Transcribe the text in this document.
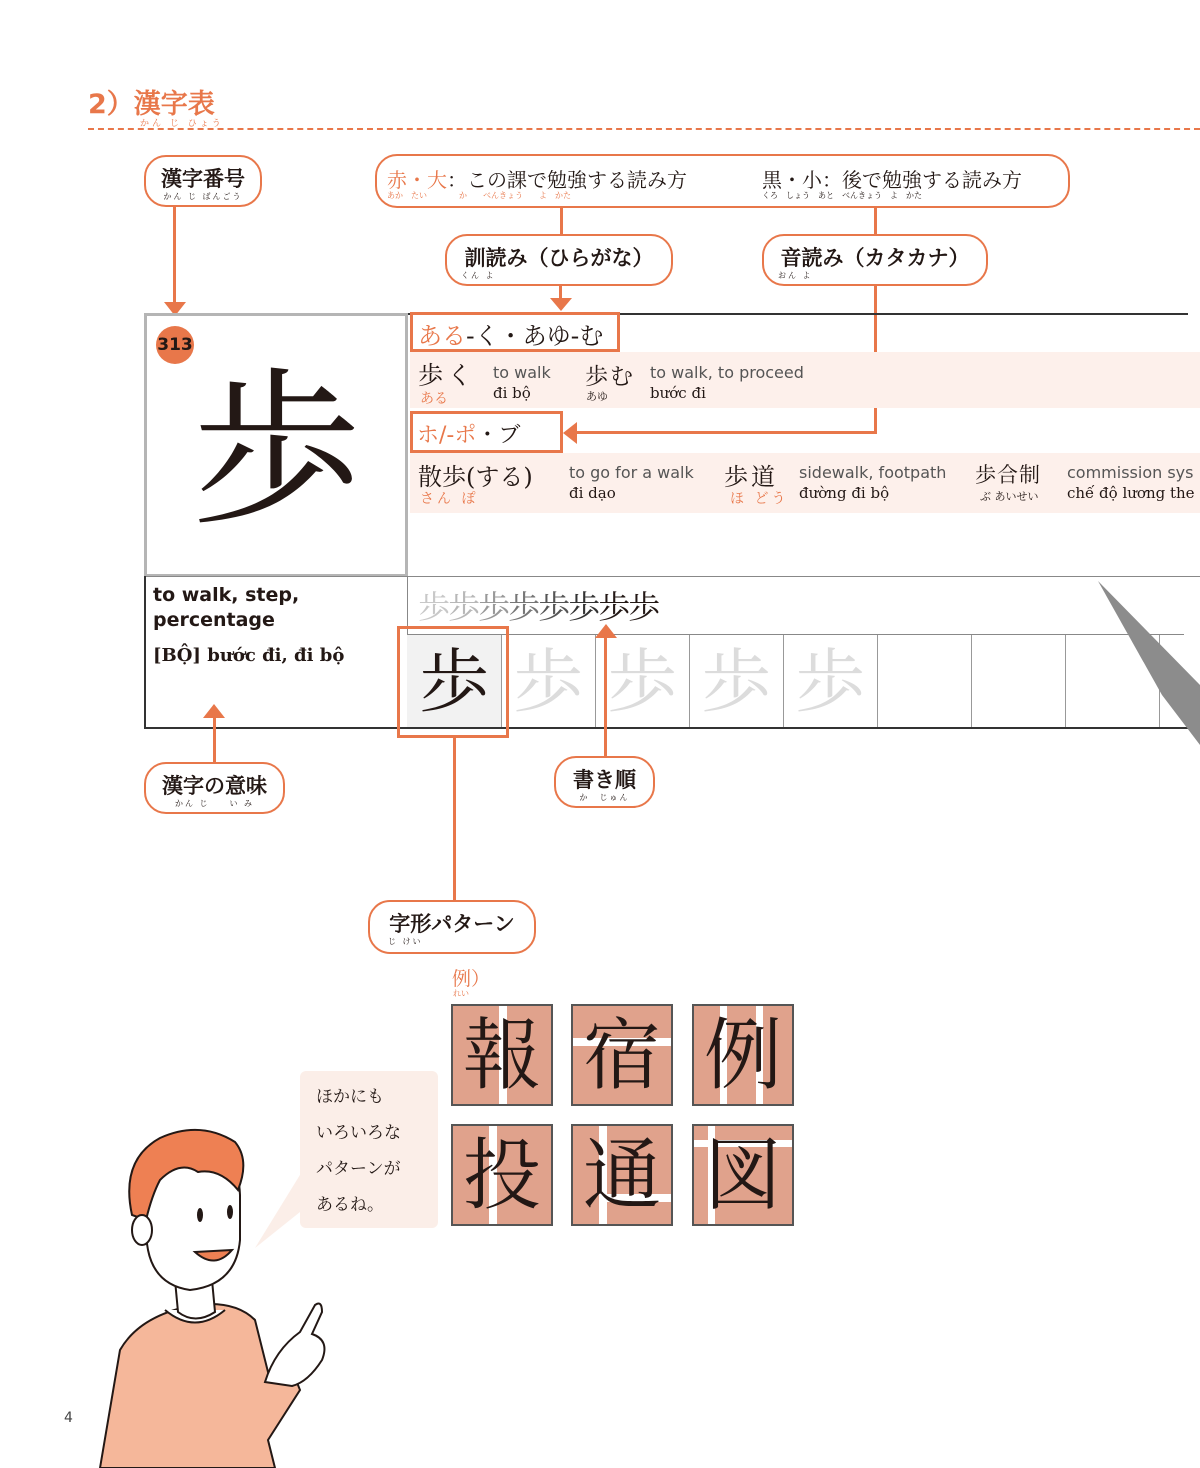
2）漢字表
かん じ ひょう
漢字番号
かん じ ばんごう
赤・大：この課で勉強する読み方	黒・小：後で勉強する読み方
あか　たい　　　　か　　べんきょう　　よ　かた	くろ　しょう　あと　べんきょう　よ　かた
訓読み（ひらがな）
くん よ
音読み（カタカナ）
おん よ
313
歩
ある-く・あゆ-む
歩く
ある
to walk
đi bộ
歩む
あゆ
to walk, to proceed
bước đi
ホ/-ポ・ブ
散歩(する)
さん ぽ
to go for a walk
đi dạo
歩道
ほ どう
sidewalk, footpath
đường đi bộ
歩合制
ぶ あいせい
commission sys
chế độ lương the
to walk, step, percentage
[BỘ] bước đi, đi bộ
歩歩歩歩歩歩歩歩
歩 歩 歩 歩 歩
漢字の意味
かん じ　　い み
書き順
か　じゅん
字形パターン
じ けい
例）
れい
報 宿 例
投 通 図
ほかにも
いろいろな
パターンが
あるね。
4
